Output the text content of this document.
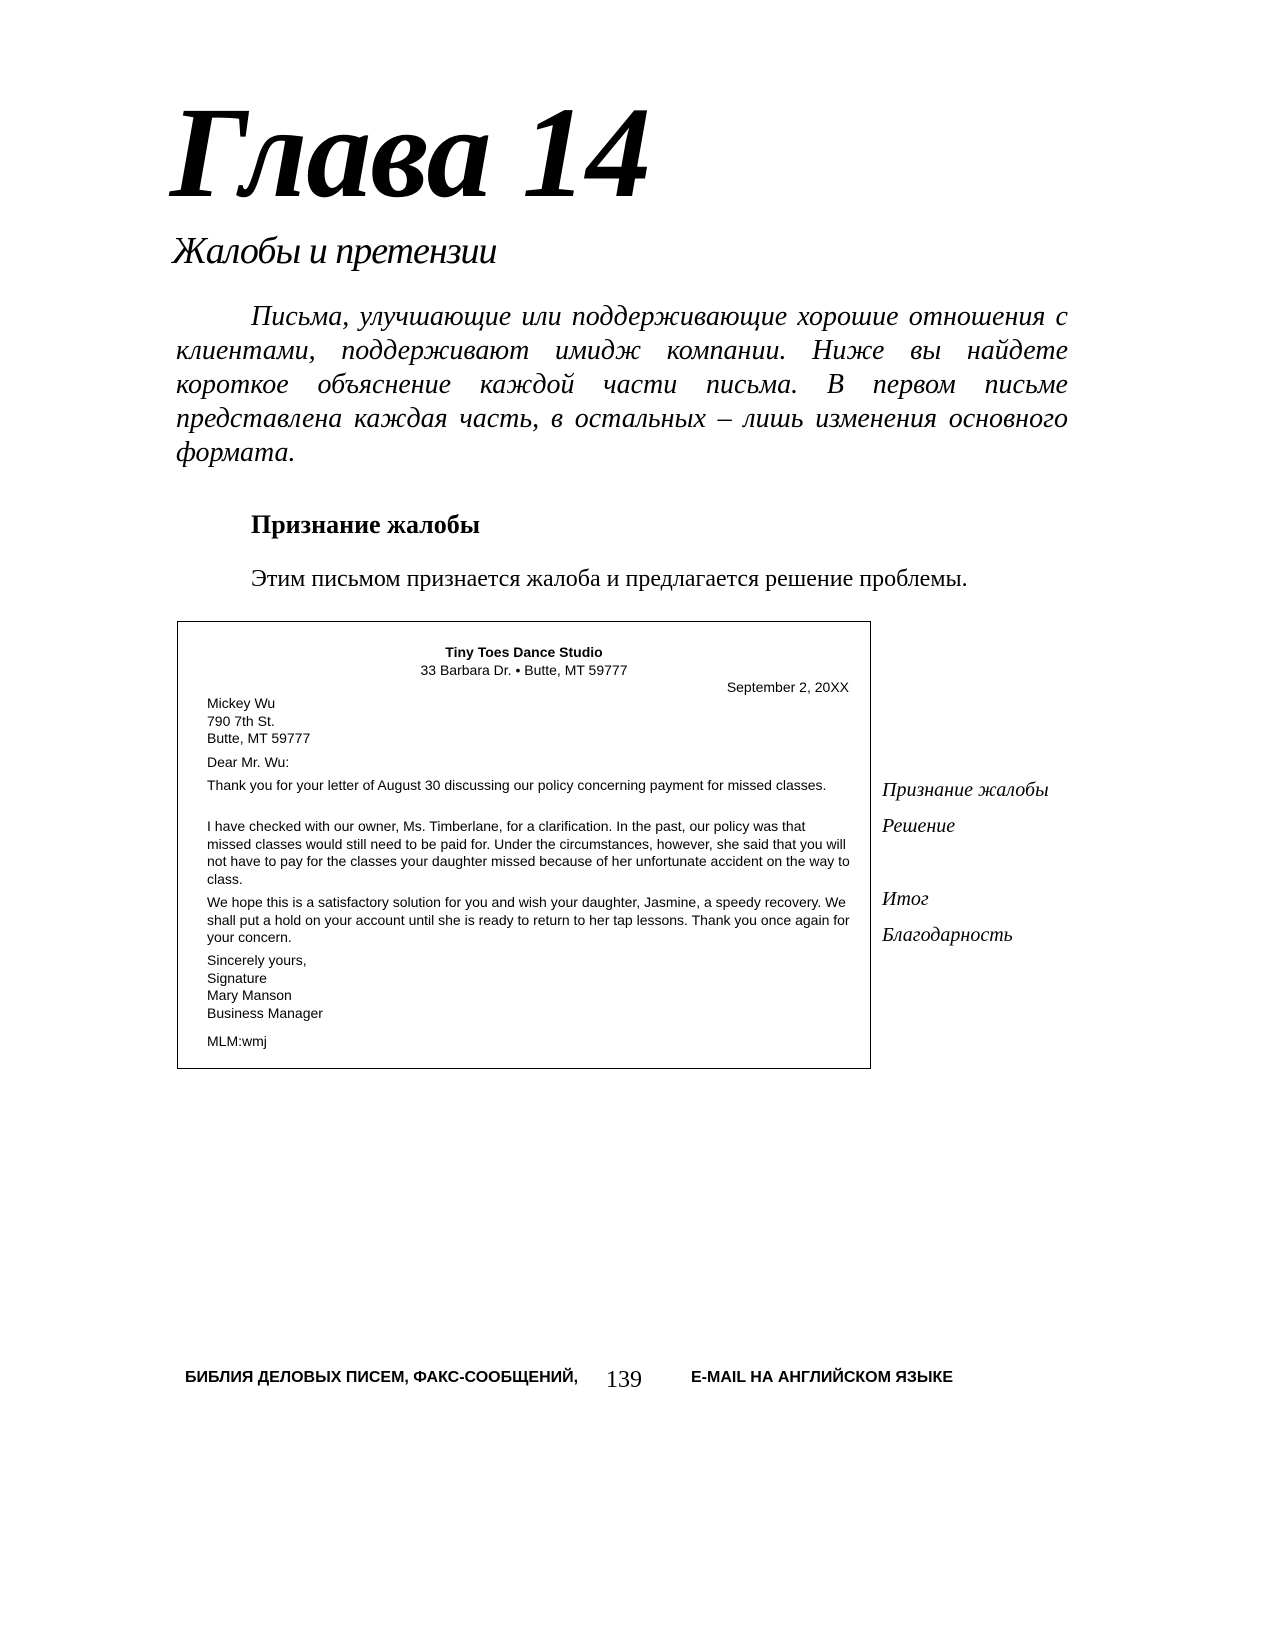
Глава 14
Жалобы и претензии

Письма, улучшающие или поддерживающие хорошие отношения с клиентами, поддерживают имидж компании. Ниже вы найдете короткое объяснение каждой части письма. В первом письме представлена каждая часть, в остальных – лишь изменения основного формата.

Признание жалобы
Этим письмом признается жалоба и предлагается решение проблемы.
Tiny Toes Dance Studio
33 Barbara Dr. • Butte, MT 59777
September 2, 20XX
Mickey Wu
790 7th St.
Butte, MT 59777
Dear Mr. Wu:

Thank you for your letter of August 30 discussing our policy concerning payment for missed classes.

I have checked with our owner, Ms. Timberlane, for a clarification. In the past, our policy was that missed classes would still need to be paid for. Under the circumstances, however, she said that you will not have to pay for the classes your daughter missed because of her unfortunate accident on the way to class.

We hope this is a satisfactory solution for you and wish your daughter, Jasmine, a speedy recovery. We shall put a hold on your account until she is ready to return to her tap lessons. Thank you once again for your concern.

Sincerely yours,
Signature
Mary Manson
Business Manager
MLM:wmj
Признание жалобы
Решение
Итог
Благодарность
БИБЛИЯ ДЕЛОВЫХ ПИСЕМ, ФАКС-СООБЩЕНИЙ, 139	E-MAIL НА АНГЛИЙСКОМ ЯЗЫКЕ
